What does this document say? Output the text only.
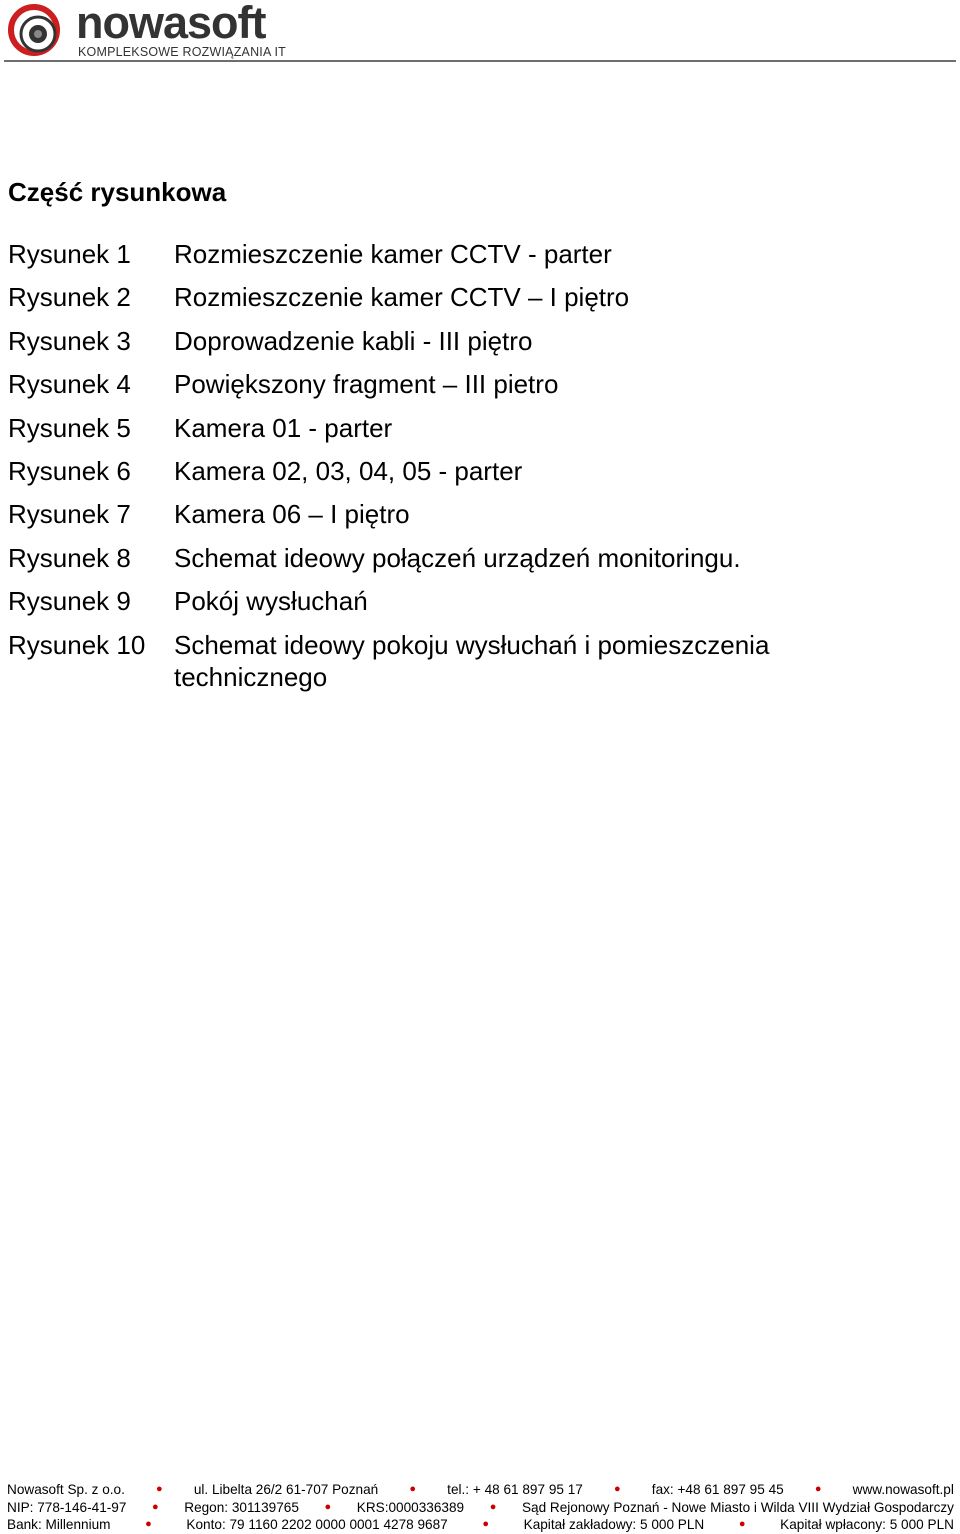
nowasoft
KOMPLEKSOWE ROZWIĄZANIA IT
Część rysunkowa
Rysunek 1	Rozmieszczenie kamer CCTV - parter
Rysunek 2	Rozmieszczenie kamer CCTV – I piętro
Rysunek 3	Doprowadzenie kabli - III piętro
Rysunek 4	Powiększony fragment – III pietro
Rysunek 5	Kamera 01 - parter
Rysunek 6	Kamera 02, 03, 04, 05 - parter
Rysunek 7	Kamera 06 – I piętro
Rysunek 8	Schemat ideowy połączeń urządzeń monitoringu.
Rysunek 9	Pokój wysłuchań
Rysunek 10	Schemat ideowy pokoju wysłuchań i pomieszczenia technicznego
Nowasoft Sp. z o.o.	● ul. Libelta 26/2 61-707 Poznań	● tel.: + 48 61 897 95 17	● fax: +48 61 897 95 45	● www.nowasoft.pl
NIP: 778-146-41-97 ● Regon: 301139765 ● KRS:0000336389 ● Sąd Rejonowy Poznań - Nowe Miasto i Wilda VIII Wydział Gospodarczy
Bank: Millennium	●	Konto: 79 1160 2202 0000 0001 4278 9687	●	Kapitał zakładowy: 5 000 PLN	●	Kapitał wpłacony: 5 000 PLN
